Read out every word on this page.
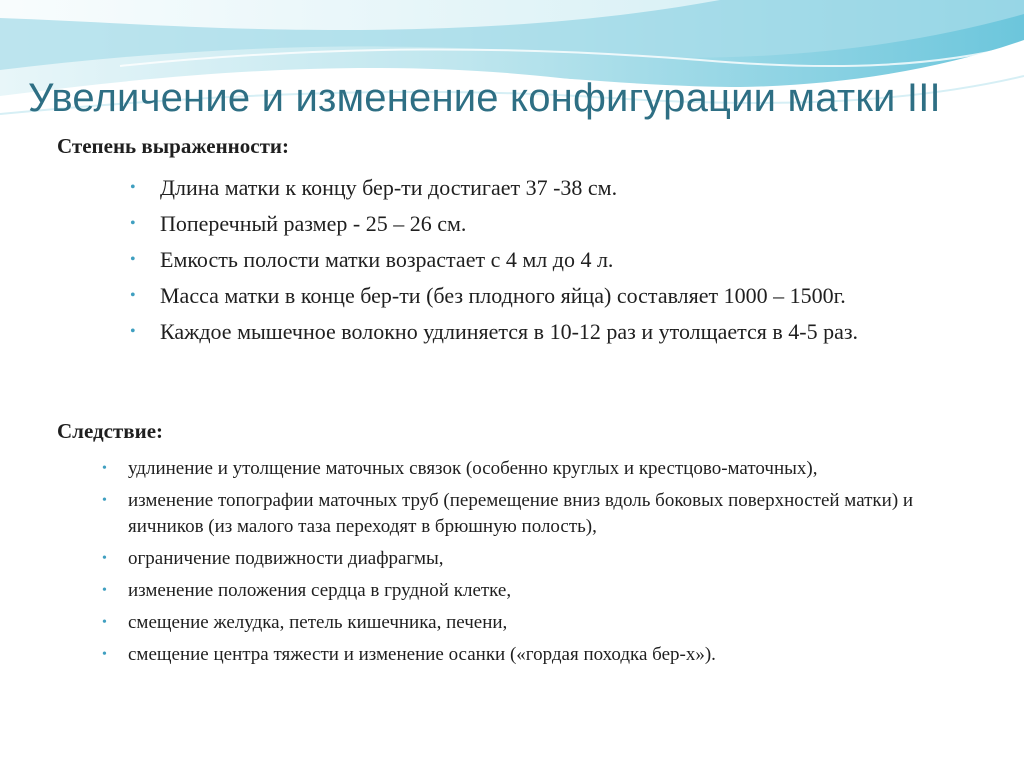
Увеличение и изменение конфигурации матки III

Степень выраженности:

• Длина матки к концу бер-ти достигает 37 -38 см.
• Поперечный размер - 25 – 26 см.
• Емкость полости матки возрастает с 4 мл до 4 л.
• Масса матки в конце бер-ти (без плодного яйца) составляет 1000 – 1500г.
• Каждое мышечное волокно удлиняется в 10-12 раз и утолщается в 4-5 раз.

Следствие:

• удлинение и утолщение маточных связок (особенно круглых и крестцово-маточных),
• изменение топографии маточных труб (перемещение вниз вдоль боковых поверхностей матки) и яичников (из малого таза переходят в брюшную полость),
• ограничение подвижности диафрагмы,
• изменение положения сердца в грудной клетке,
• смещение желудка, петель кишечника, печени,
• смещение центра тяжести и изменение осанки («гордая походка бер-х»).
